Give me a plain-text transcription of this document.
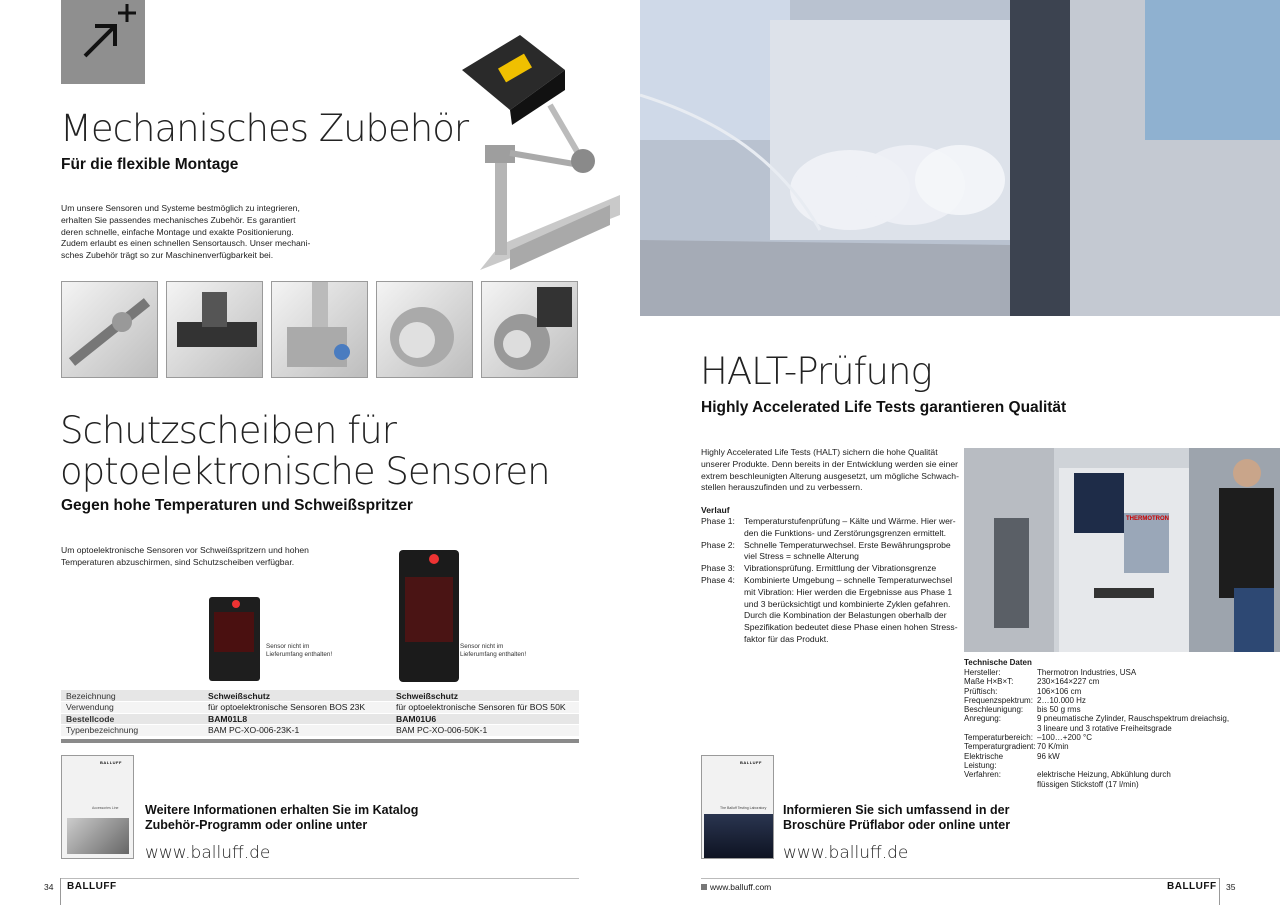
Mechanisches Zubehör
Für die flexible Montage
Um unsere Sensoren und Systeme bestmöglich zu integrieren,
erhalten Sie passendes mechanisches Zubehör. Es garantiert
deren schnelle, einfache Montage und exakte Positionierung.
Zudem erlaubt es einen schnellen Sensortausch. Unser mechani-
sches Zubehör trägt so zur Maschinenverfügbarkeit bei.
Schutzscheiben für
optoelektronische Sensoren
Gegen hohe Temperaturen und Schweißspritzer
Um optoelektronische Sensoren vor Schweißspritzern und hohen
Temperaturen abzuschirmen, sind Schutzscheiben verfügbar.
Sensor nicht im
Lieferumfang enthalten!
Sensor nicht im
Lieferumfang enthalten!
Bezeichnung	Schweißschutz	Schweißschutz
Verwendung	für optoelektronische Sensoren BOS 23K	für optoelektronische Sensoren für BOS 50K
Bestellcode	BAM01L8	BAM01U6
Typenbezeichnung	BAM PC-XO-006-23K-1	BAM PC-XO-006-50K-1
BALLUFF
Accessories Line Weitere Informationen erhalten Sie im Katalog
Zubehör-Programm oder online unter
www.balluff.de
34 BALLUFF
HALT-Prüfung
Highly Accelerated Life Tests garantieren Qualität
Highly Accelerated Life Tests (HALT) sichern die hohe Qualität
unserer Produkte. Denn bereits in der Entwicklung werden sie einer
extrem beschleunigten Alterung ausgesetzt, um mögliche Schwach-
stellen herauszufinden und zu verbessern.
Verlauf
Phase 1:	Temperaturstufenprüfung – Kälte und Wärme. Hier wer-
den die Funktions- und Zerstörungsgrenzen ermittelt.
Phase 2:	Schnelle Temperaturwechsel. Erste Bewährungsprobe
viel Stress = schnelle Alterung
Phase 3:	Vibrationsprüfung. Ermittlung der Vibrationsgrenze
Phase 4:	Kombinierte Umgebung – schnelle Temperaturwechsel
mit Vibration: Hier werden die Ergebnisse aus Phase 1
und 3 berücksichtigt und kombinierte Zyklen gefahren.
Durch die Kombination der Belastungen oberhalb der
Spezifikation bedeutet diese Phase einen hohen Stress-
faktor für das Produkt.
THERMOTRON
Technische Daten
Hersteller:	Thermotron Industries, USA
Maße H×B×T:	230×164×227 cm
Prüftisch:	106×106 cm
Frequenzspektrum: 2…10.000 Hz
Beschleunigung:	bis 50 g rms
Anregung:	9 pneumatische Zylinder, Rauschspektrum dreiachsig,
3 lineare und 3 rotative Freiheitsgrade
Temperaturbereich: –100…+200 °C
Temperaturgradient: 70 K/min
Elektrische Leistung:
96 kW
Verfahren:	elektrische Heizung, Abkühlung durch
flüssigen Stickstoff (17 l/min)
BALLUFF
The Balluff Testing Laboratory Informieren Sie sich umfassend in der
Broschüre Prüflabor oder online unter
www.balluff.de
www.balluff.com	BALLUFF 35
